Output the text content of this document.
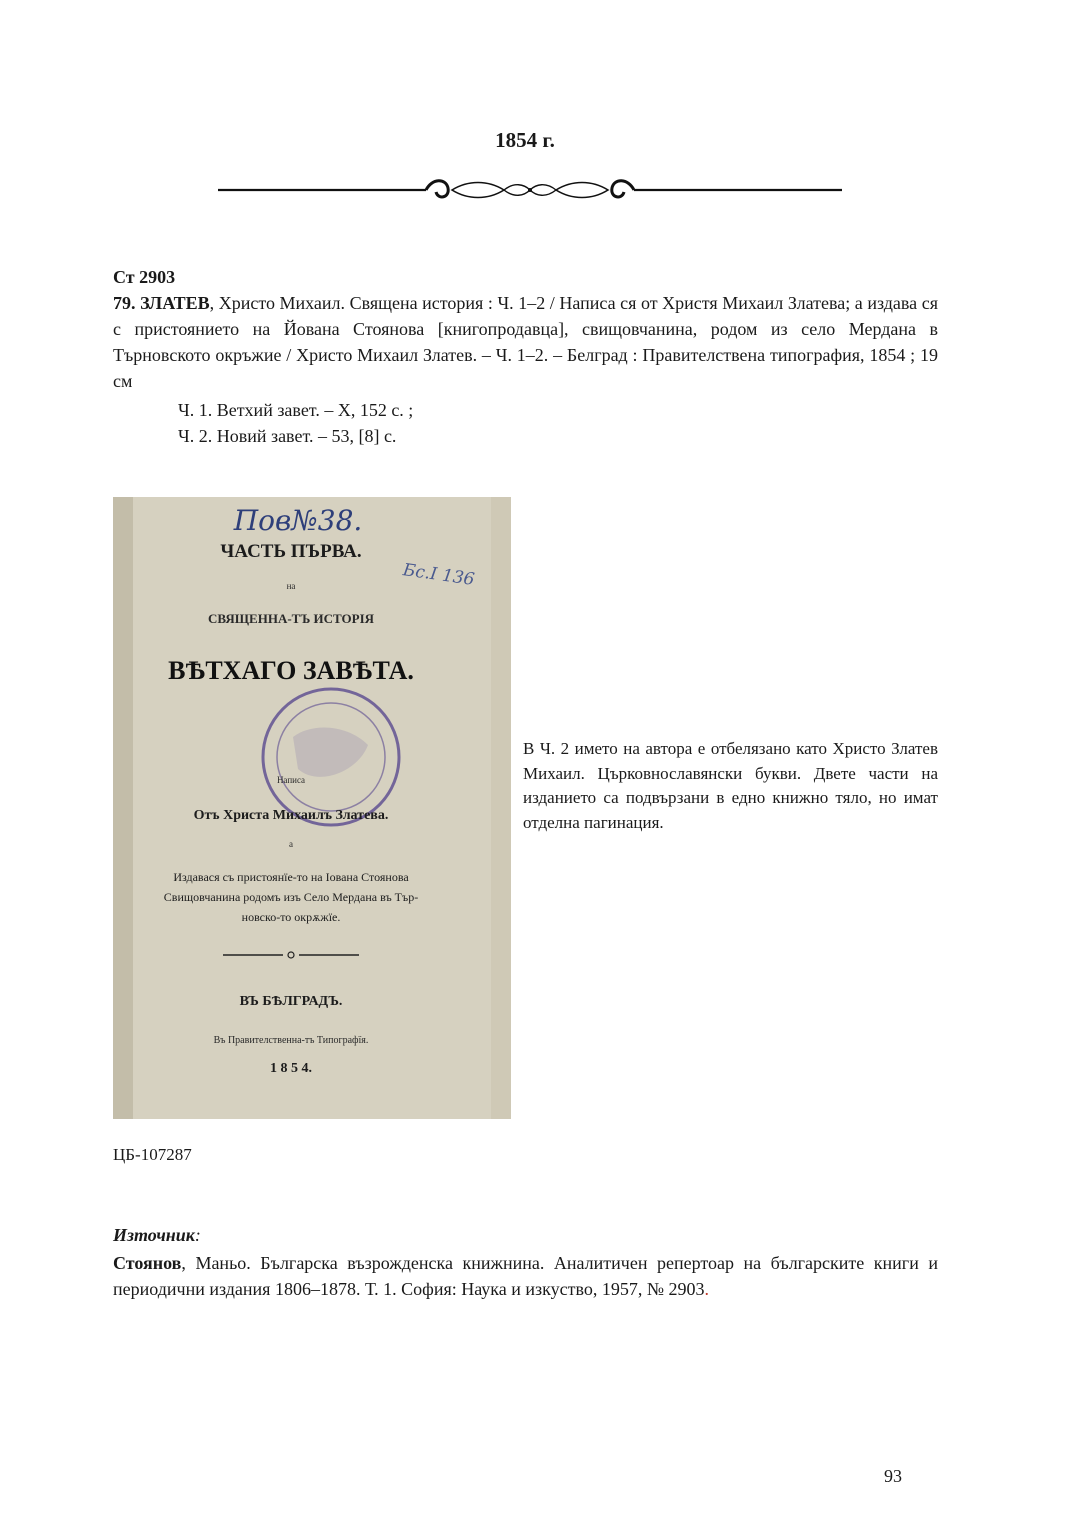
1854 г.
Ст 2903
79. ЗЛАТЕВ, Христо Михаил. Священа история : Ч. 1–2 / Написа ся от Христя Михаил Златева; а издава ся с пристоянието на Йована Стоянова [книгопродавца], свищовчанина, родом из село Мердана в Търновското окръжие / Христо Михаил Златев. – Ч. 1–2. – Белград : Правителствена типография, 1854 ; 19 см
Ч. 1. Ветхий завет. – Х, 152 с. ;
Ч. 2. Новий завет. – 53, [8] с.
Пов№38.
Бс.I 136
ЧАСТЬ ПЪРВА.
на
СВЯЩЕННА-ТЪ ИСТОРІЯ
ВѢТХАГО ЗАВѢТА.
Написа
Отъ Христа Михаилъ Златева.
а
Издавася съ пристоянїе-то на Іована Стоянова
Свищовчанина родомъ изъ Село Мердана въ Тър-
новско-то окрѫжїе.
ВЪ БѢЛГРАДЪ.
Въ Правителственна-тъ Типографїя.
1 8 5 4.
В Ч. 2 името на автора е отбелязано като Христо Златев Михаил. Църковнославянски букви. Двете части на изданието са подвързани в едно книжно тяло, но имат отделна пагинация.
ЦБ-107287
Източник:
Стоянов, Маньо. Българска възрожденска книжнина. Аналитичен репертоар на българските книги и периодични издания 1806–1878. Т. 1. София: Наука и изкуство, 1957, № 2903.
93
